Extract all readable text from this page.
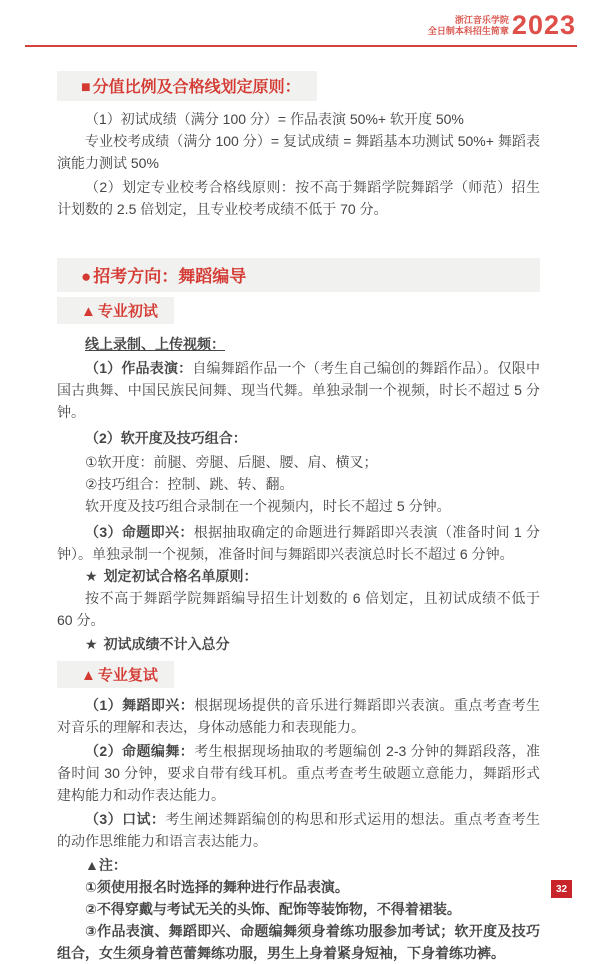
浙江音乐学院
全日制本科招生简章 2023
■ 分值比例及合格线划定原则：

（1）初试成绩（满分 100 分）= 作品表演 50%+ 软开度 50%

专业校考成绩（满分 100 分）= 复试成绩 = 舞蹈基本功测试 50%+ 舞蹈表演能力测试 50%

（2）划定专业校考合格线原则：按不高于舞蹈学院舞蹈学（师范）招生计划数的 2.5 倍划定，且专业校考成绩不低于 70 分。

● 招考方向：舞蹈编导
▲ 专业初试

线上录制、上传视频：

（1）作品表演：自编舞蹈作品一个（考生自己编创的舞蹈作品）。仅限中国古典舞、中国民族民间舞、现当代舞。单独录制一个视频，时长不超过 5 分钟。

（2）软开度及技巧组合：

①软开度：前腿、旁腿、后腿、腰、肩、横叉；

②技巧组合：控制、跳、转、翻。

软开度及技巧组合录制在一个视频内，时长不超过 5 分钟。

（3）命题即兴：根据抽取确定的命题进行舞蹈即兴表演（准备时间 1 分钟）。单独录制一个视频，准备时间与舞蹈即兴表演总时长不超过 6 分钟。

★ 划定初试合格名单原则：

按不高于舞蹈学院舞蹈编导招生计划数的 6 倍划定，且初试成绩不低于 60 分。

★ 初试成绩不计入总分

▲ 专业复试

（1）舞蹈即兴：根据现场提供的音乐进行舞蹈即兴表演。重点考查考生对音乐的理解和表达，身体动感能力和表现能力。

（2）命题编舞：考生根据现场抽取的考题编创 2-3 分钟的舞蹈段落，准备时间 30 分钟，要求自带有线耳机。重点考查考生破题立意能力，舞蹈形式建构能力和动作表达能力。

（3）口试：考生阐述舞蹈编创的构思和形式运用的想法。重点考查考生的动作思维能力和语言表达能力。

▲注：

①须使用报名时选择的舞种进行作品表演。

②不得穿戴与考试无关的头饰、配饰等装饰物，不得着裙装。

③作品表演、舞蹈即兴、命题编舞须身着练功服参加考试；软开度及技巧组合，女生须身着芭蕾舞练功服，男生上身着紧身短袖，下身着练功裤。

32
